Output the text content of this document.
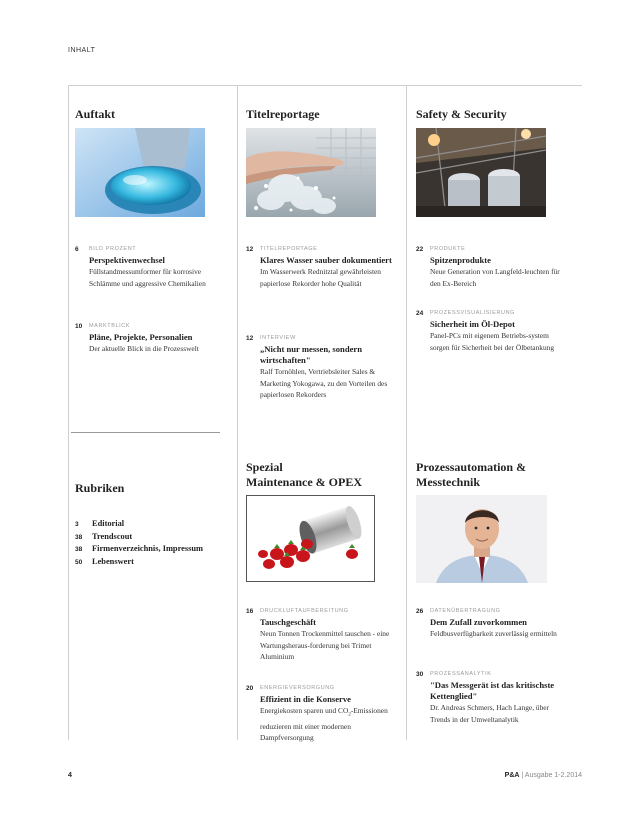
INHALT
Auftakt
6 BILD PROZENT
Perspektivenwechsel
Füllstandmessumformer für korrosive Schlämme und aggressive Chemikalien
10 MARKTBLICK
Pläne, Projekte, Personalien
Der aktuelle Blick in die Prozesswelt
Rubriken
3 Editorial
38 Trendscout
38 Firmenverzeichnis, Impressum
50 Lebenswert
Titelreportage
12 TITELREPORTAGE
Klares Wasser sauber dokumentiert
Im Wasserwerk Rednitztal gewährleisten papierlose Rekorder hohe Qualität
12 INTERVIEW
„Nicht nur messen, sondern wirtschaften"
Ralf Tornöhlen, Vertriebsleiter Sales & Marketing Yokogawa, zu den Vorteilen des papierlosen Rekorders
Spezial
Maintenance & OPEX
16 DRUCKLUFTAUFBEREITUNG
Tauschgeschäft
Neun Tonnen Trockenmittel tauschen - eine Wartungsheraus-forderung bei Trimet Aluminium
20 ENERGIEVERSORGUNG
Effizient in die Konserve
Energiekosten sparen und $CO_2$-Emissionen reduzieren mit einer modernen Dampfversorgung
Safety & Security
22 PRODUKTE
Spitzenprodukte
Neue Generation von Langfeld-leuchten für den Ex-Bereich
24 PROZESSVISUALISIERUNG
Sicherheit im Öl-Depot
Panel-PCs mit eigenem Betriebs-system sorgen für Sicherheit bei der Ölbetankung
Prozessautomation &
Messtechnik
26 DATENÜBERTRAGUNG
Dem Zufall zuvorkommen
Feldbusverfügbarkeit zuverlässig ermitteln
30 PROZESSANALYTIK
"Das Messgerät ist das kritischste Kettenglied"
Dr. Andreas Schmers, Hach Lange, über Trends in der Umweltanalytik
4	P&A | Ausgabe 1-2.2014
